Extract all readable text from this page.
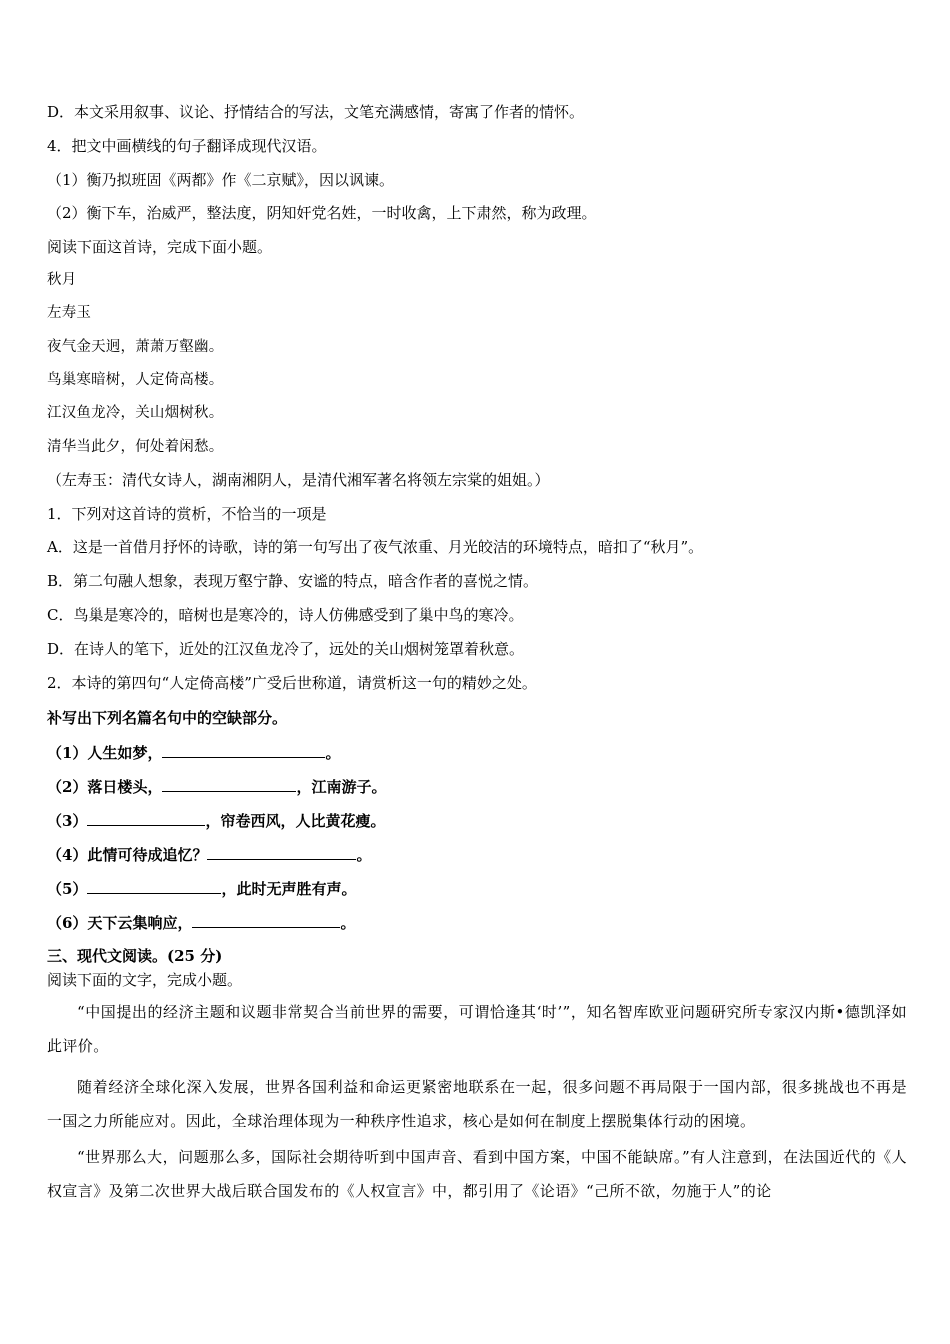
D．本文采用叙事、议论、抒情结合的写法，文笔充满感情，寄寓了作者的情怀。
4．把文中画横线的句子翻译成现代汉语。
（1）衡乃拟班固《两都》作《二京赋》，因以讽谏。
（2）衡下车，治威严，整法度，阴知奸党名姓，一时收禽，上下肃然，称为政理。
阅读下面这首诗，完成下面小题。
秋月
左寿玉
夜气金天迥，萧萧万壑幽。
鸟巢寒暗树，人定倚高楼。
江汉鱼龙冷，关山烟树秋。
清华当此夕，何处着闲愁。
（左寿玉：清代女诗人，湖南湘阴人，是清代湘军著名将领左宗棠的姐姐。）
1．下列对这首诗的赏析，不恰当的一项是
A．这是一首借月抒怀的诗歌，诗的第一句写出了夜气浓重、月光皎洁的环境特点，暗扣了“秋月”。
B．第二句融人想象，表现万壑宁静、安谧的特点，暗含作者的喜悦之情。
C．鸟巢是寒冷的，暗树也是寒冷的，诗人仿佛感受到了巢中鸟的寒冷。
D．在诗人的笔下，近处的江汉鱼龙冷了，远处的关山烟树笼罩着秋意。
2．本诗的第四句“人定倚高楼”广受后世称道，请赏析这一句的精妙之处。
补写出下列名篇名句中的空缺部分。
（1）人生如梦，	。
（2）落日楼头，	，江南游子。
（3）	，帘卷西风，人比黄花瘦。
（4）此情可待成追忆？	。
（5）	，此时无声胜有声。
（6）天下云集响应，	。
三、现代文阅读。(25 分)
阅读下面的文字，完成小题。

“中国提出的经济主题和议题非常契合当前世界的需要，可谓恰逢其‘时’”，知名智库欧亚问题研究所专家汉内斯•德凯泽如此评价。

随着经济全球化深入发展，世界各国利益和命运更紧密地联系在一起，很多问题不再局限于一国内部，很多挑战也不再是一国之力所能应对。因此，全球治理体现为一种秩序性追求，核心是如何在制度上摆脱集体行动的困境。

“世界那么大，问题那么多，国际社会期待听到中国声音、看到中国方案，中国不能缺席。”有人注意到，在法国近代的《人权宣言》及第二次世界大战后联合国发布的《人权宣言》中，都引用了《论语》“己所不欲，勿施于人”的论
